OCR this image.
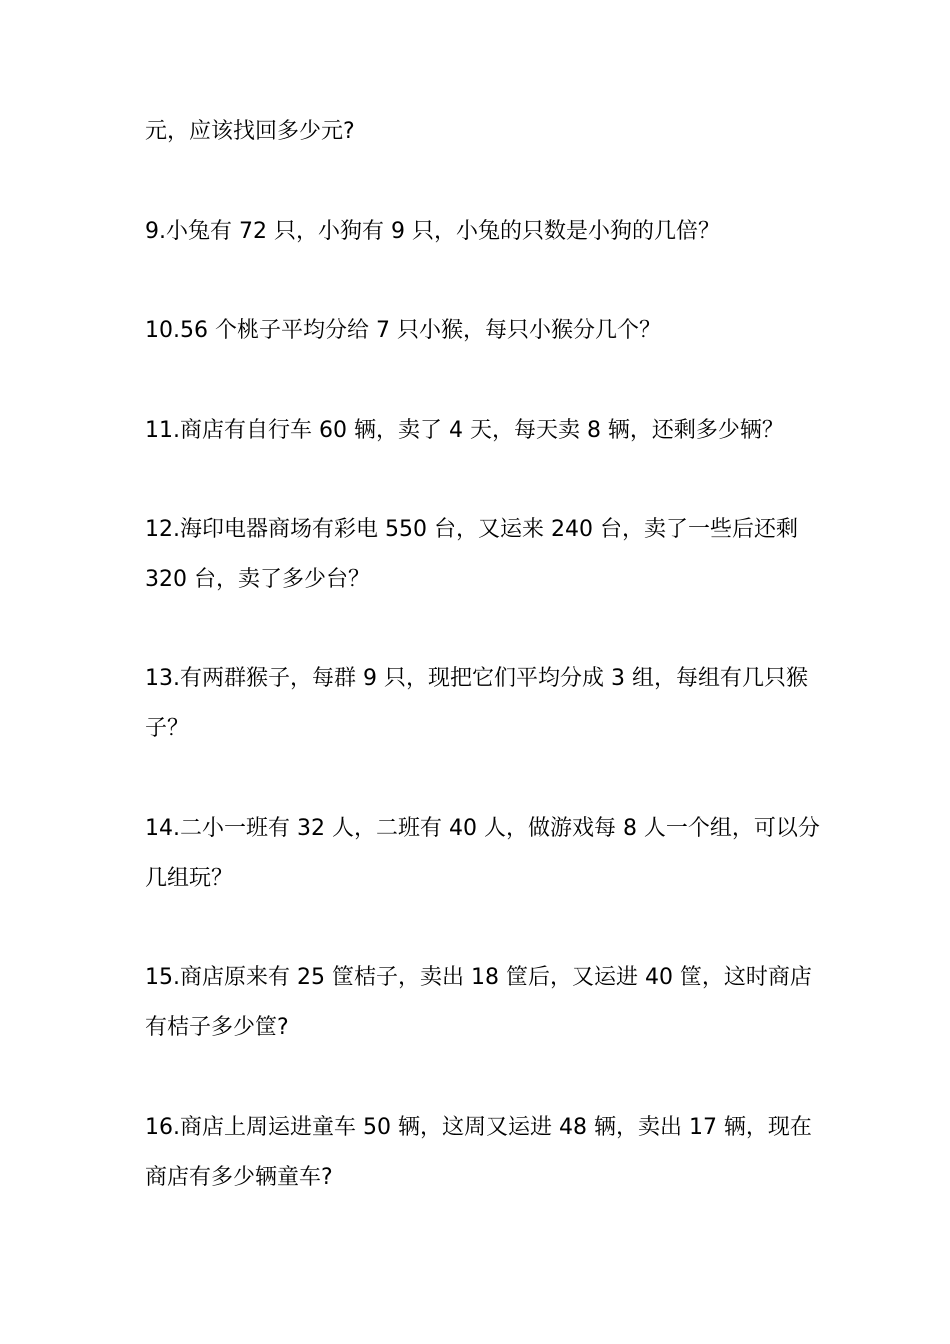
元，应该找回多少元?

9.小兔有 72 只，小狗有 9 只，小兔的只数是小狗的几倍？

10.56 个桃子平均分给 7 只小猴，每只小猴分几个？

11.商店有自行车 60 辆，卖了 4 天，每天卖 8 辆，还剩多少辆？

12.海印电器商场有彩电 550 台，又运来 240 台，卖了一些后还剩
320 台，卖了多少台？

13.有两群猴子，每群 9 只，现把它们平均分成 3 组，每组有几只猴
子？

14.二小一班有 32 人，二班有 40 人，做游戏每 8 人一个组，可以分
几组玩？

15.商店原来有 25 筐桔子，卖出 18 筐后，又运进 40 筐，这时商店
有桔子多少筐?

16.商店上周运进童车 50 辆，这周又运进 48 辆，卖出 17 辆，现在
商店有多少辆童车?
